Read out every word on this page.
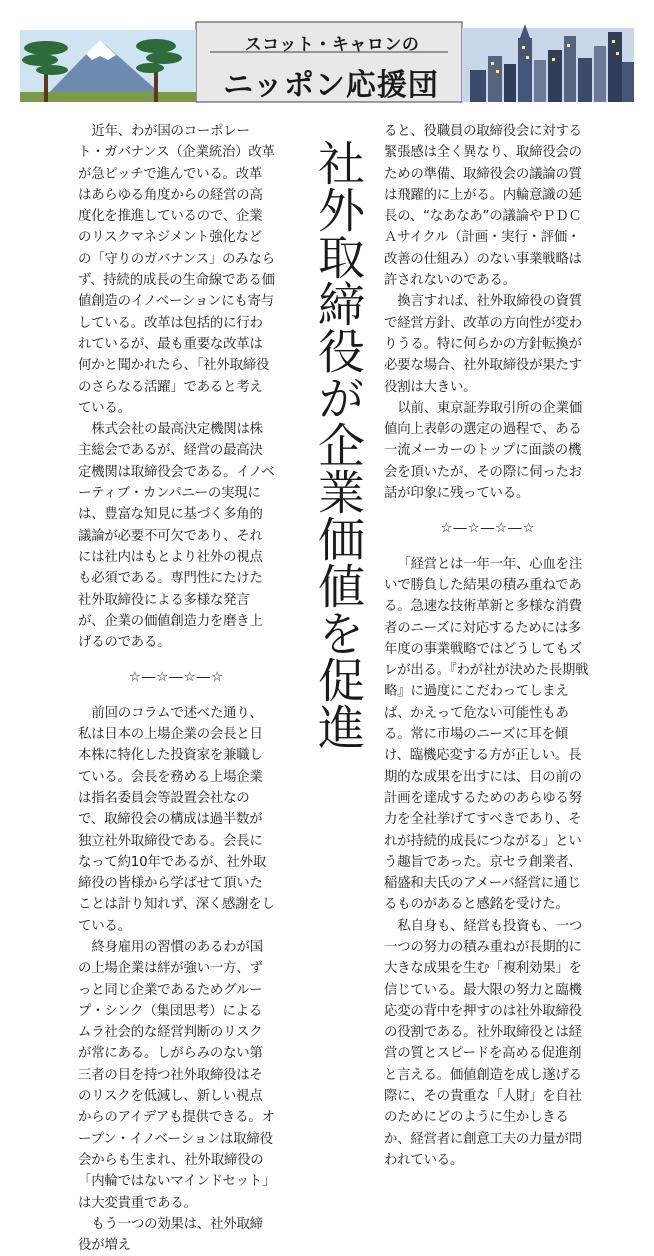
スコット・キャロンの
ニッポン応援団

近年、わが国のコーポレート・ガバナンス（企業統治）改革が急ピッチで進んでいる。改革はあらゆる角度からの経営の高度化を推進しているので、企業のリスクマネジメント強化などの「守りのガバナンス」のみならず、持続的成長の生命線である価値創造のイノベーションにも寄与している。改革は包括的に行われているが、最も重要な改革は何かと聞かれたら、「社外取締役のさらなる活躍」であると考えている。

株式会社の最高決定機関は株主総会であるが、経営の最高決定機関は取締役会である。イノベーティブ・カンパニーの実現には、豊富な知見に基づく多角的議論が必要不可欠であり、それには社内はもとより社外の視点も必須である。専門性にたけた社外取締役による多様な発言が、企業の価値創造力を磨き上げるのである。

☆―☆―☆―☆

前回のコラムで述べた通り、私は日本の上場企業の会長と日本株に特化した投資家を兼職している。会長を務める上場企業は指名委員会等設置会社なので、取締役会の構成は過半数が独立社外取締役である。会長になって約10年であるが、社外取締役の皆様から学ばせて頂いたことは計り知れず、深く感謝をしている。

終身雇用の習慣のあるわが国の上場企業は絆が強い一方、ずっと同じ企業であるためグループ・シンク（集団思考）によるムラ社会的な経営判断のリスクが常にある。しがらみのない第三者の目を持つ社外取締役はそのリスクを低減し、新しい視点からのアイデアも提供できる。オープン・イノベーションは取締役会からも生まれ、社外取締役の「内輪ではないマインドセット」は大変貴重である。

もう一つの効果は、社外取締役が増え

社外取締役が企業価値を促進

ると、役職員の取締役会に対する緊張感は全く異なり、取締役会のための準備、取締役会の議論の質は飛躍的に上がる。内輪意識の延長の、“なあなあ”の議論やＰＤＣＡサイクル（計画・実行・評価・改善の仕組み）のない事業戦略は許されないのである。

換言すれば、社外取締役の資質で経営方針、改革の方向性が変わりうる。特に何らかの方針転換が必要な場合、社外取締役が果たす役割は大きい。

以前、東京証券取引所の企業価値向上表彰の選定の過程で、ある一流メーカーのトップに面談の機会を頂いたが、その際に伺ったお話が印象に残っている。

☆―☆―☆―☆

「経営とは一年一年、心血を注いで勝負した結果の積み重ねである。急速な技術革新と多様な消費者のニーズに対応するためには多年度の事業戦略ではどうしてもズレが出る。『わが社が決めた長期戦略』に過度にこだわってしまえば、かえって危ない可能性もある。常に市場のニーズに耳を傾け、臨機応変する方が正しい。長期的な成果を出すには、目の前の計画を達成するためのあらゆる努力を全社挙げてすべきであり、それが持続的成長につながる」という趣旨であった。京セラ創業者、稲盛和夫氏のアメーバ経営に通じるものがあると感銘を受けた。

私自身も、経営も投資も、一つ一つの努力の積み重ねが長期的に大きな成果を生む「複利効果」を信じている。最大限の努力と臨機応変の背中を押すのは社外取締役の役割である。社外取締役とは経営の質とスピードを高める促進剤と言える。価値創造を成し遂げる際に、その貴重な「人財」を自社のためにどのように生かしきるか、経営者に創意工夫の力量が問われている。
